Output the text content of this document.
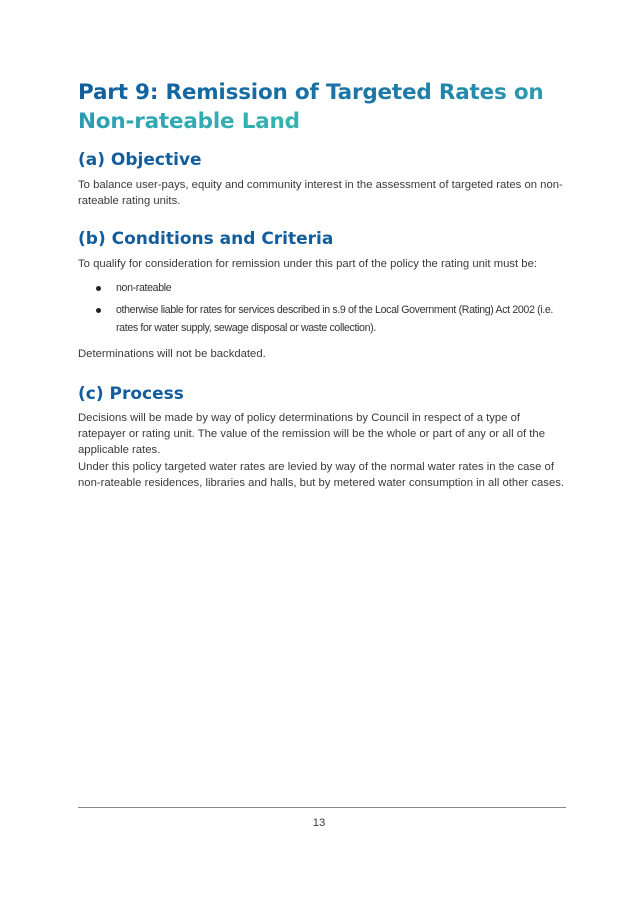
Part 9: Remission of Targeted Rates on Non-rateable Land
(a) Objective

To balance user-pays, equity and community interest in the assessment of targeted rates on non-rateable rating units.

(b) Conditions and Criteria

To qualify for consideration for remission under this part of the policy the rating unit must be:

non-rateable
otherwise liable for rates for services described in s.9 of the Local Government (Rating) Act 2002 (i.e. rates for water supply, sewage disposal or waste collection).

Determinations will not be backdated.

(c) Process

Decisions will be made by way of policy determinations by Council in respect of a type of ratepayer or rating unit. The value of the remission will be the whole or part of any or all of the applicable rates.

Under this policy targeted water rates are levied by way of the normal water rates in the case of non-rateable residences, libraries and halls, but by metered water consumption in all other cases.

13
